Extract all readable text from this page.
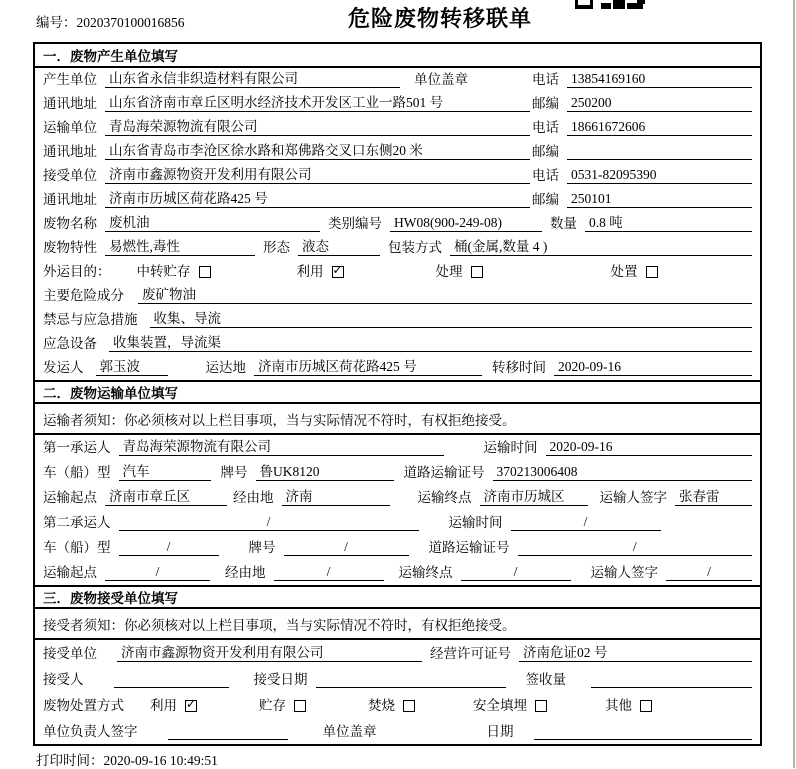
编号：2020370100016856	危险废物转移联单
一．废物产生单位填写
产生单位 山东省永信非织造材料有限公司	单位盖章	电话 13854169160
通讯地址 山东省济南市章丘区明水经济技术开发区工业一路501 号	邮编 250200
运输单位 青岛海荣源物流有限公司	电话 18661672606
通讯地址 山东省青岛市李沧区徐水路和郑佛路交叉口东侧20 米	邮编
接受单位 济南市鑫源物资开发利用有限公司	电话 0531-82095390
通讯地址 济南市历城区荷花路425 号	邮编 250101
废物名称 废机油	类别编号 HW08(900-249-08)	数量 0.8 吨
废物特性 易燃性,毒性	形态 液态	包装方式 桶(金属,数量 4 )
外运目的： 中转贮存	利用 ✓	处理	处置
主要危险成分 废矿物油
禁忌与应急措施 收集、导流
应急设备 收集装置，导流渠
发运人 郭玉波	运达地 济南市历城区荷花路425 号	转移时间 2020-09-16
二．废物运输单位填写
运输者须知：你必须核对以上栏目事项，当与实际情况不符时，有权拒绝接受。
第一承运人 青岛海荣源物流有限公司	运输时间 2020-09-16
车（船）型 汽车	牌号 鲁UK8120	道路运输证号 370213006408
运输起点 济南市章丘区	经由地 济南	运输终点 济南市历城区	运输人签字 张春雷
第二承运人	/	运输时间	/
车（船）型	/	牌号	/	道路运输证号	/
运输起点	/	经由地	/	运输终点	/	运输人签字	/
三．废物接受单位填写
接受者须知：你必须核对以上栏目事项，当与实际情况不符时，有权拒绝接受。
接受单位 济南市鑫源物资开发利用有限公司	经营许可证号 济南危证02 号
接受人	接受日期	签收量
废物处置方式 利用 ✓	贮存	焚烧	安全填埋	其他
单位负责人签字	单位盖章	日期
打印时间：2020-09-16 10:49:51
